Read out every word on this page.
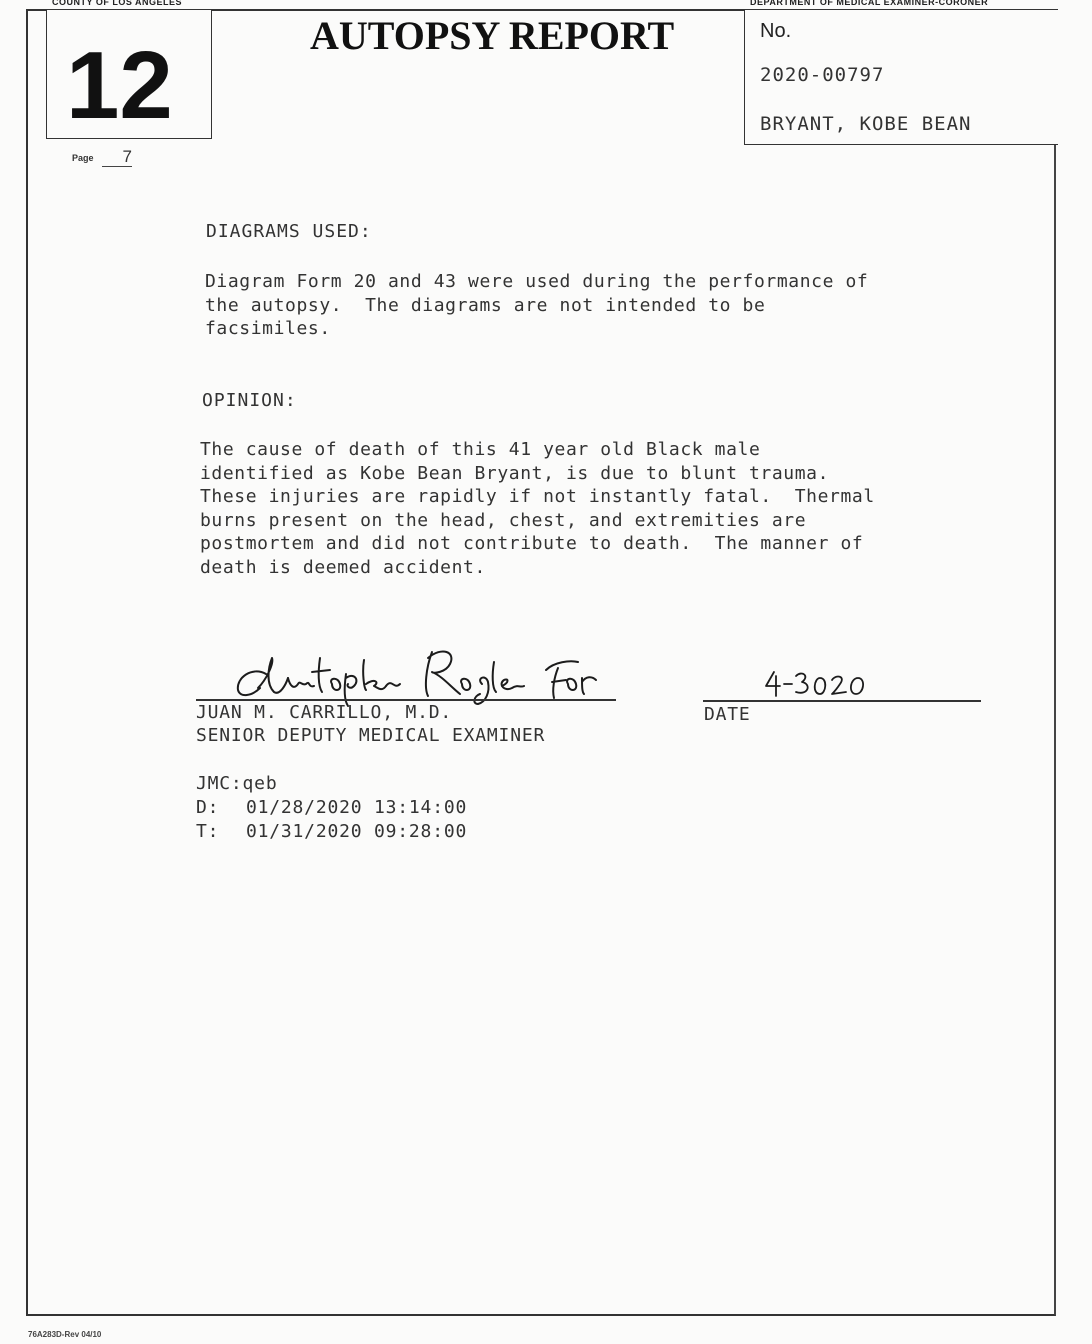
COUNTY OF LOS ANGELES	DEPARTMENT OF MEDICAL EXAMINER-CORONER
12	AUTOPSY REPORT	No.
2020-00797
BRYANT, KOBE BEAN
Page	7
DIAGRAMS USED:
Diagram Form 20 and 43 were used during the performance of
the autopsy.  The diagrams are not intended to be
facsimiles.
OPINION:
The cause of death of this 41 year old Black male
identified as Kobe Bean Bryant, is due to blunt trauma.
These injuries are rapidly if not instantly fatal.  Thermal
burns present on the head, chest, and extremities are
postmortem and did not contribute to death.  The manner of
death is deemed accident.
JUAN M. CARRILLO, M.D.
SENIOR DEPUTY MEDICAL EXAMINER
DATE
JMC:qeb
D: 01/28/2020 13:14:00
T: 01/31/2020 09:28:00
76A283D-Rev 04/10
